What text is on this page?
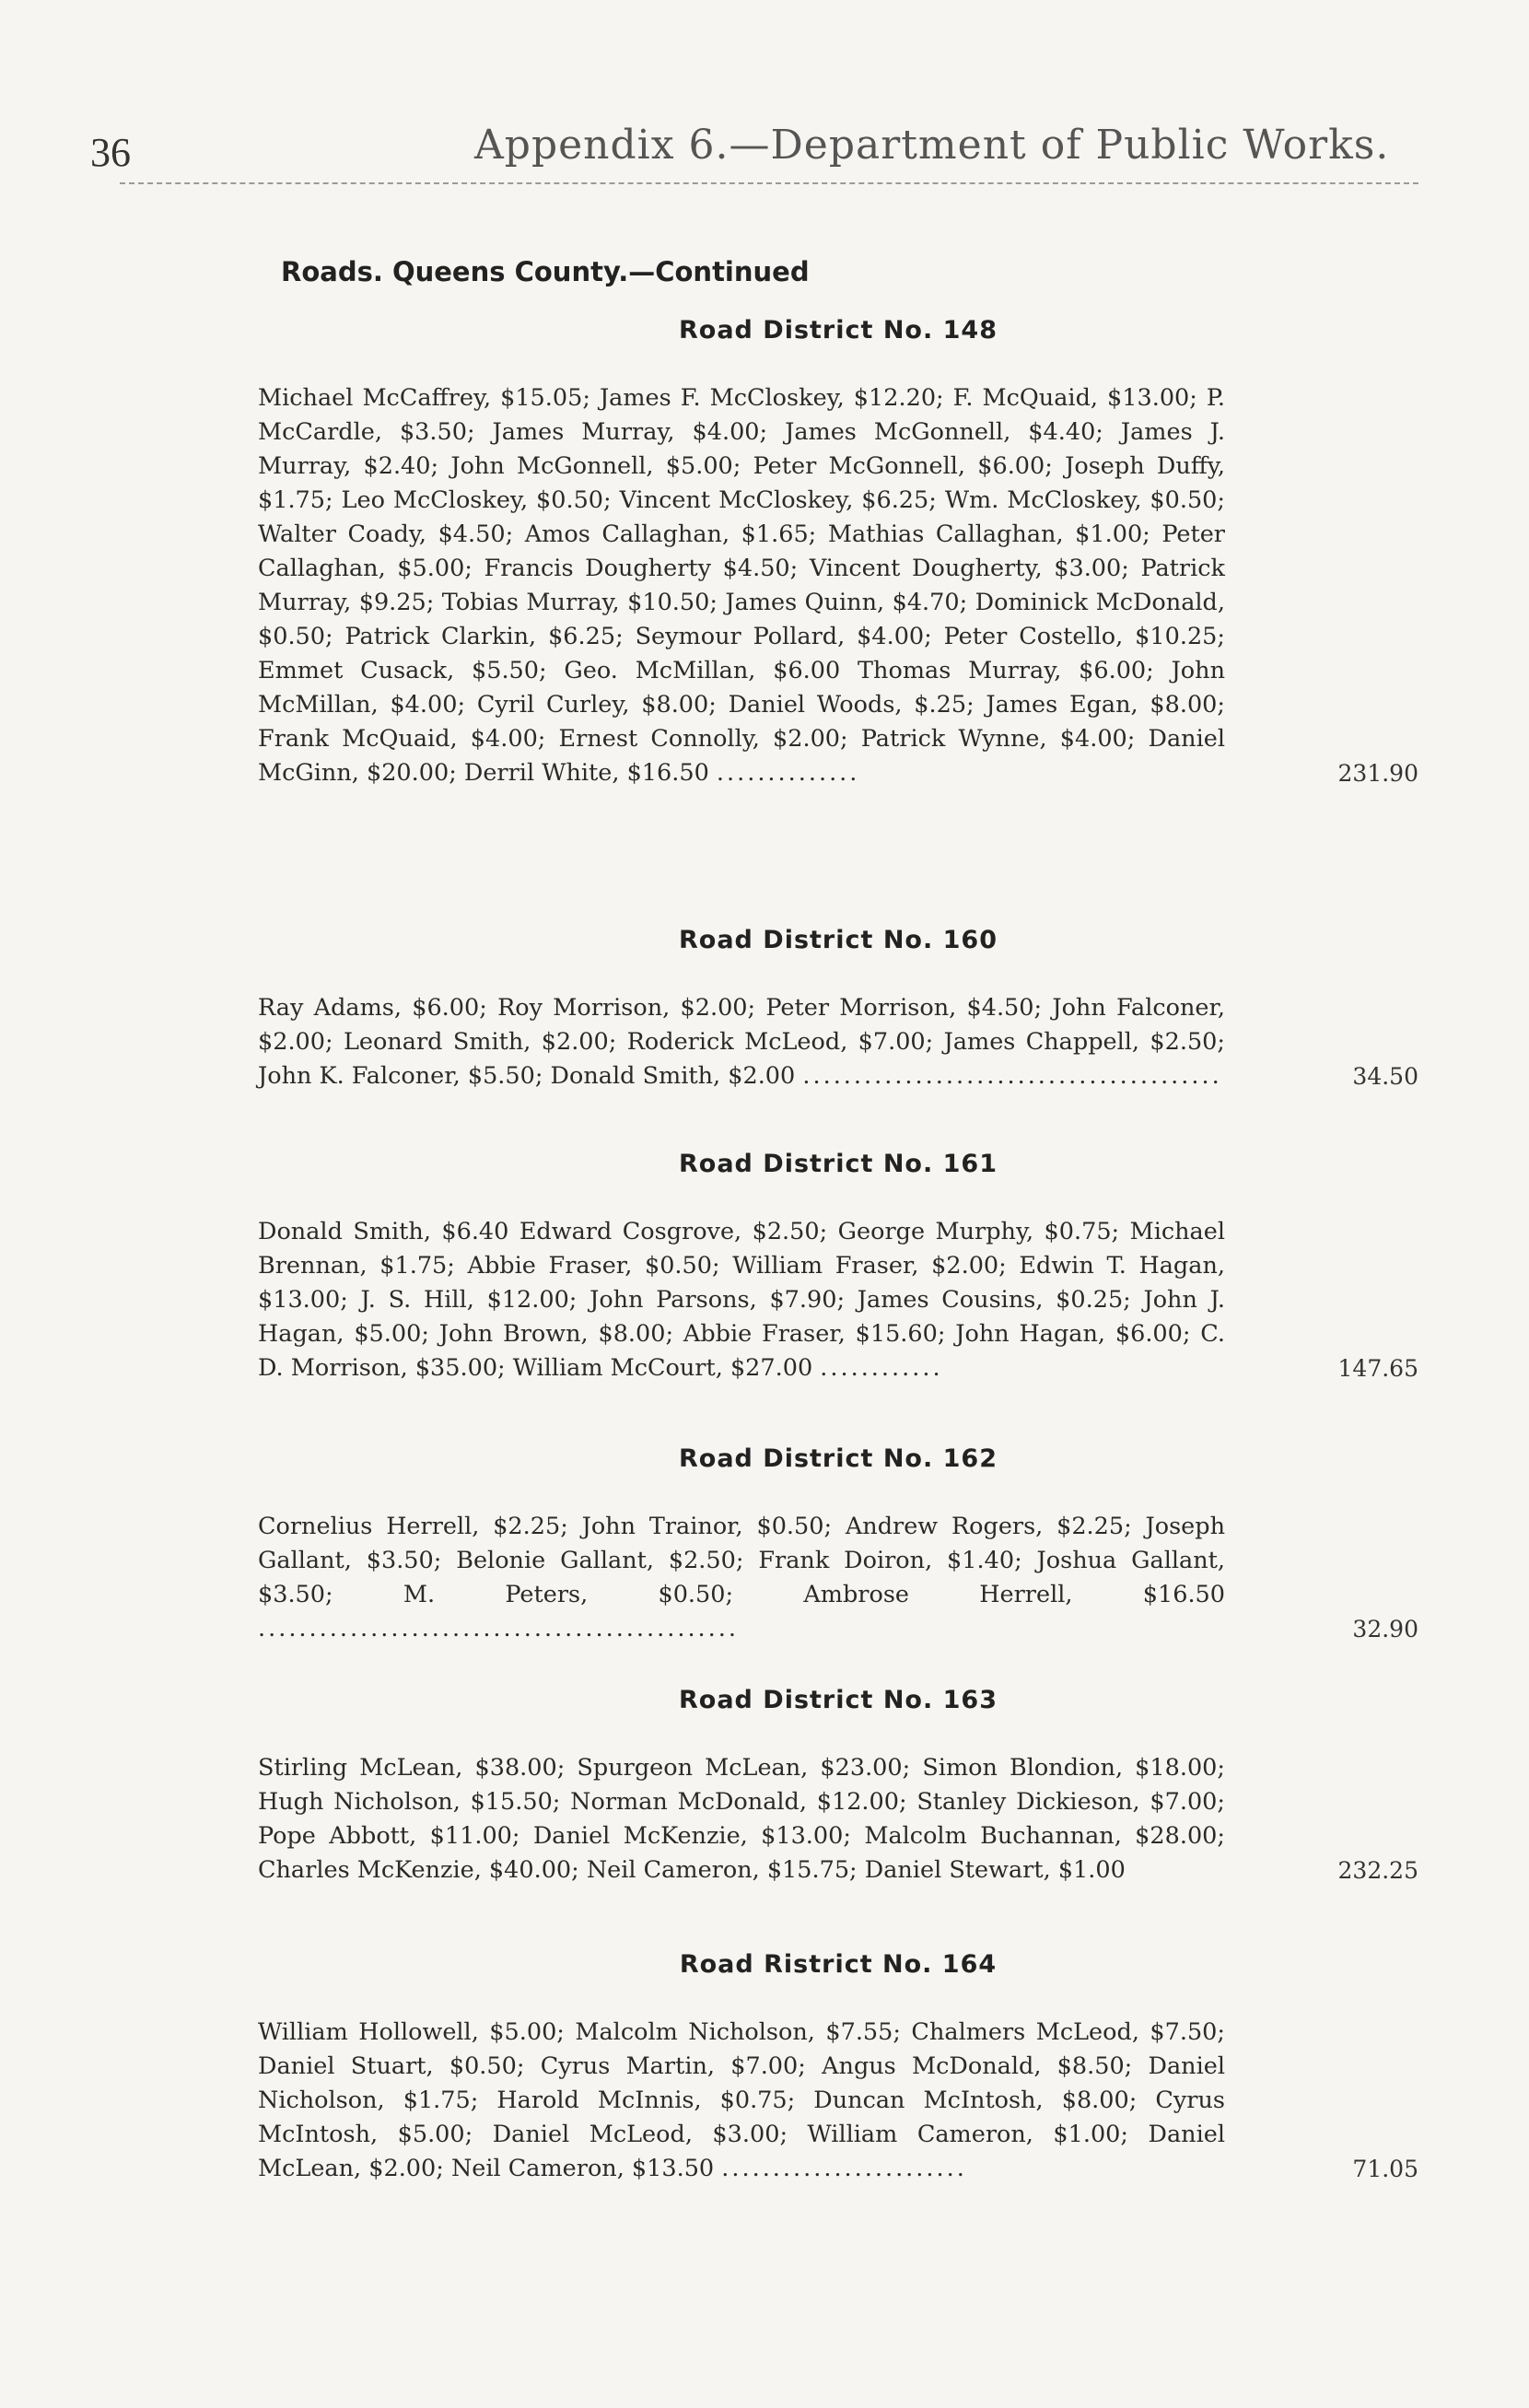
36	Appendix 6.—Department of Public Works.
Roads. Queens County.—Continued
Road District No. 148
Michael McCaffrey, $15.05; James F. McCloskey, $12.20; F. McQuaid, $13.00; P. McCardle, $3.50; James Murray, $4.00; James McGonnell, $4.40; James J. Murray, $2.40; John McGonnell, $5.00; Peter McGonnell, $6.00; Joseph Duffy, $1.75; Leo McCloskey, $0.50; Vincent McCloskey, $6.25; Wm. McCloskey, $0.50; Walter Coady, $4.50; Amos Callaghan, $1.65; Mathias Callaghan, $1.00; Peter Callaghan, $5.00; Francis Dougherty $4.50; Vincent Dougherty, $3.00; Patrick Murray, $9.25; Tobias Murray, $10.50; James Quinn, $4.70; Dominick McDonald, $0.50; Patrick Clarkin, $6.25; Seymour Pollard, $4.00; Peter Costello, $10.25; Emmet Cusack, $5.50; Geo. McMillan, $6.00 Thomas Murray, $6.00; John McMillan, $4.00; Cyril Curley, $8.00; Daniel Woods, $.25; James Egan, $8.00; Frank McQuaid, $4.00; Ernest Connolly, $2.00; Patrick Wynne, $4.00; Daniel McGinn, $20.00; Derril White, $16.50 ..............	231.90
Road District No. 160
Ray Adams, $6.00; Roy Morrison, $2.00; Peter Morrison, $4.50; John Falconer, $2.00; Leonard Smith, $2.00; Roderick McLeod, $7.00; James Chappell, $2.50; John K. Falconer, $5.50; Donald Smith, $2.00 .........................................	34.50
Road District No. 161
Donald Smith, $6.40 Edward Cosgrove, $2.50; George Murphy, $0.75; Michael Brennan, $1.75; Abbie Fraser, $0.50; William Fraser, $2.00; Edwin T. Hagan, $13.00; J. S. Hill, $12.00; John Parsons, $7.90; James Cousins, $0.25; John J. Hagan, $5.00; John Brown, $8.00; Abbie Fraser, $15.60; John Hagan, $6.00; C. D. Morrison, $35.00; William McCourt, $27.00 ............	147.65
Road District No. 162
Cornelius Herrell, $2.25; John Trainor, $0.50; Andrew Rogers, $2.25; Joseph Gallant, $3.50; Belonie Gallant, $2.50; Frank Doiron, $1.40; Joshua Gallant, $3.50; M. Peters, $0.50; Ambrose Herrell, $16.50 ...............................................	32.90
Road District No. 163
Stirling McLean, $38.00; Spurgeon McLean, $23.00; Simon Blondion, $18.00; Hugh Nicholson, $15.50; Norman McDonald, $12.00; Stanley Dickieson, $7.00; Pope Abbott, $11.00; Daniel McKenzie, $13.00; Malcolm Buchannan, $28.00; Charles McKenzie, $40.00; Neil Cameron, $15.75; Daniel Stewart, $1.00	232.25
Road Ristrict No. 164
William Hollowell, $5.00; Malcolm Nicholson, $7.55; Chalmers McLeod, $7.50; Daniel Stuart, $0.50; Cyrus Martin, $7.00; Angus McDonald, $8.50; Daniel Nicholson, $1.75; Harold McInnis, $0.75; Duncan McIntosh, $8.00; Cyrus McIntosh, $5.00; Daniel McLeod, $3.00; William Cameron, $1.00; Daniel McLean, $2.00; Neil Cameron, $13.50 ........................	71.05
